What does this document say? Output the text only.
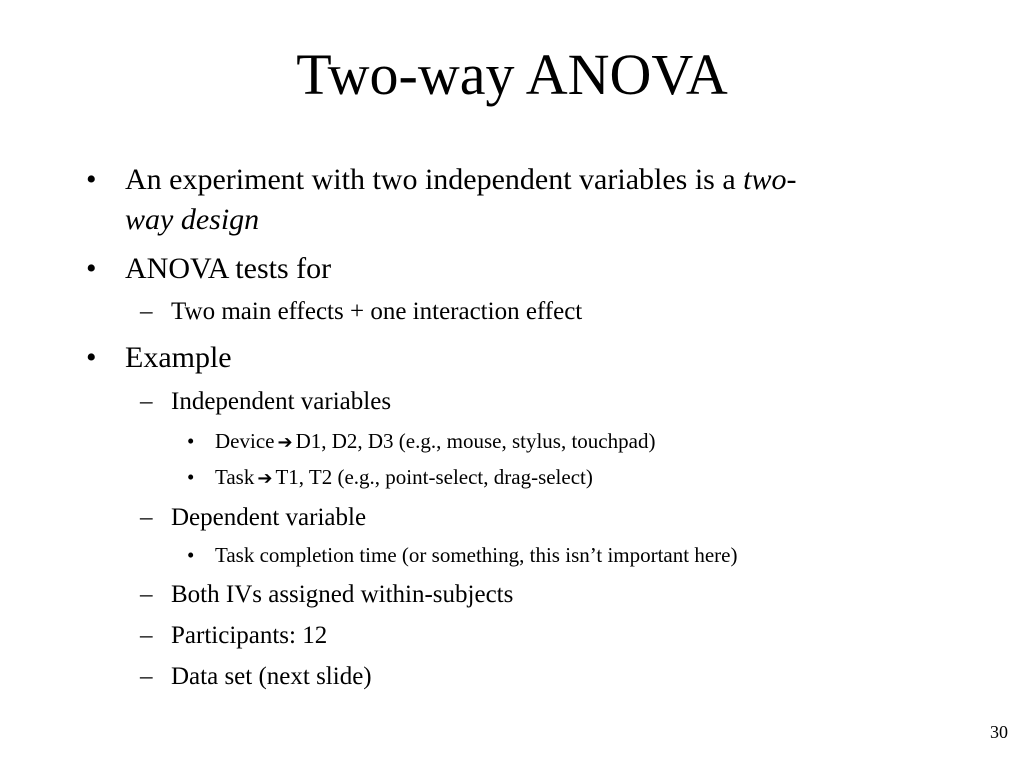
Two-way ANOVA
• An experiment with two independent variables is a two-
way design
• ANOVA tests for
– Two main effects + one interaction effect
• Example
– Independent variables
• Device ➔ D1, D2, D3 (e.g., mouse, stylus, touchpad)
• Task ➔ T1, T2 (e.g., point-select, drag-select)
– Dependent variable
• Task completion time (or something, this isn’t important here)
– Both IVs assigned within-subjects
– Participants: 12
– Data set (next slide)
30
